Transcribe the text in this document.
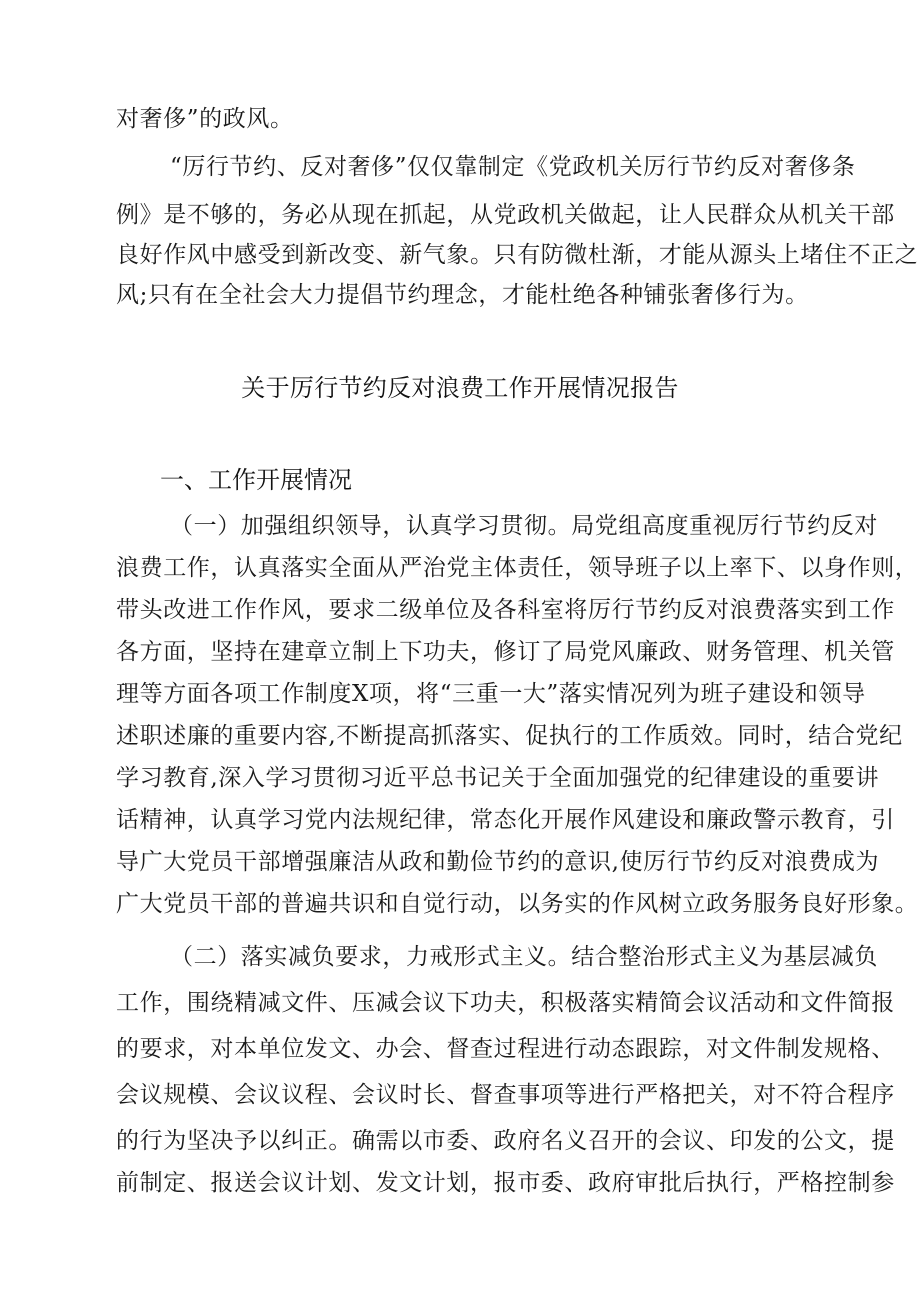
对奢侈”的政风。
“厉行节约、反对奢侈”仅仅靠制定《党政机关厉行节约反对奢侈条
例》是不够的，务必从现在抓起，从党政机关做起，让人民群众从机关干部
良好作风中感受到新改变、新气象。只有防微杜渐，才能从源头上堵住不正之
风;只有在全社会大力提倡节约理念，才能杜绝各种铺张奢侈行为。
关于厉行节约反对浪费工作开展情况报告
一、工作开展情况
（一）加强组织领导，认真学习贯彻。局党组高度重视厉行节约反对
浪费工作，认真落实全面从严治党主体责任，领导班子以上率下、以身作则，
带头改进工作作风，要求二级单位及各科室将厉行节约反对浪费落实到工作
各方面，坚持在建章立制上下功夫，修订了局党风廉政、财务管理、机关管
理等方面各项工作制度X项，将“三重一大”落实情况列为班子建设和领导
述职述廉的重要内容,不断提高抓落实、促执行的工作质效。同时，结合党纪
学习教育,深入学习贯彻习近平总书记关于全面加强党的纪律建设的重要讲
话精神，认真学习党内法规纪律，常态化开展作风建设和廉政警示教育，引
导广大党员干部增强廉洁从政和勤俭节约的意识,使厉行节约反对浪费成为
广大党员干部的普遍共识和自觉行动，以务实的作风树立政务服务良好形象。
（二）落实减负要求，力戒形式主义。结合整治形式主义为基层减负
工作，围绕精减文件、压减会议下功夫，积极落实精简会议活动和文件简报
的要求，对本单位发文、办会、督查过程进行动态跟踪，对文件制发规格、
会议规模、会议议程、会议时长、督查事项等进行严格把关，对不符合程序
的行为坚决予以纠正。确需以市委、政府名义召开的会议、印发的公文，提
前制定、报送会议计划、发文计划，报市委、政府审批后执行，严格控制参
